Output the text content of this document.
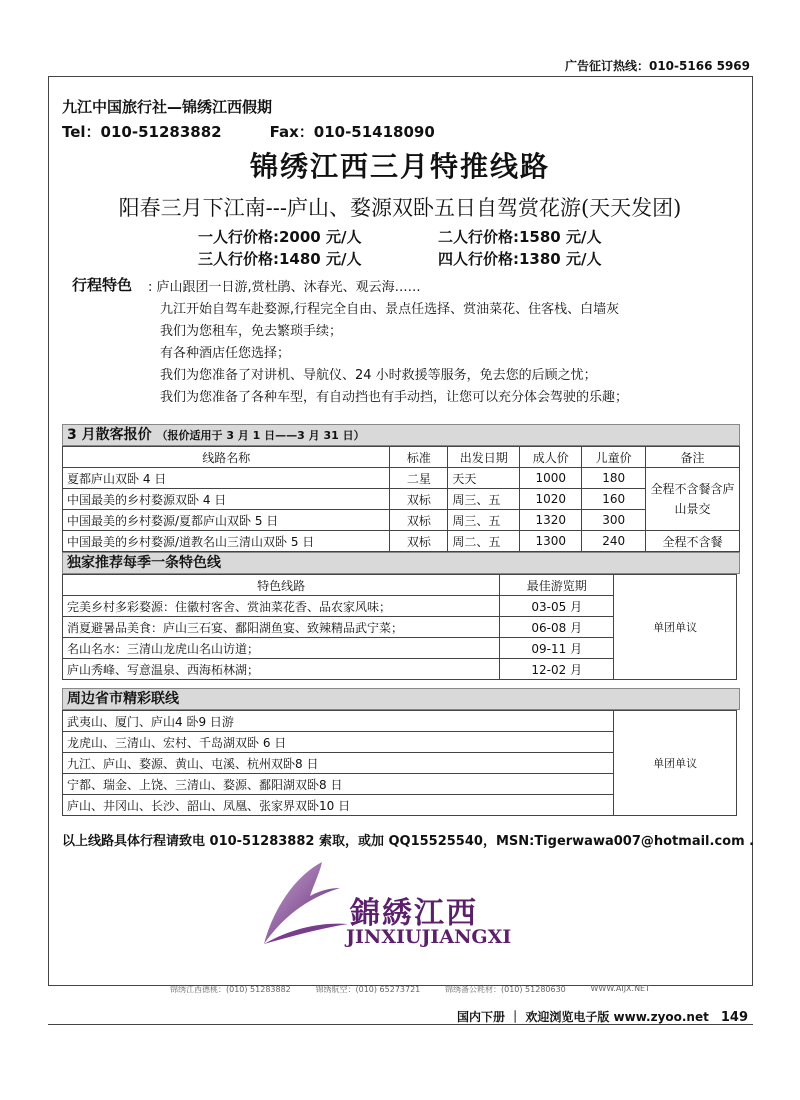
广告征订热线：010-5166 5969
九江中国旅行社—锦绣江西假期
Tel：010-51283882	Fax：010-51418090
锦绣江西三月特推线路
阳春三月下江南---庐山、婺源双卧五日自驾赏花游(天天发团)
一人行价格:2000 元/人	二人行价格:1580 元/人
三人行价格:1480 元/人	四人行价格:1380 元/人
行程特色 : 庐山跟团一日游,赏杜鹃、沐春光、观云海……
九江开始自驾车赴婺源,行程完全自由、景点任选择、赏油菜花、住客栈、白墙灰
我们为您租车，免去繁琐手续；
有各种酒店任您选择；
我们为您准备了对讲机、导航仪、24 小时救援等服务，免去您的后顾之忧；
我们为您准备了各种车型，有自动挡也有手动挡，让您可以充分体会驾驶的乐趣；
3 月散客报价 （报价适用于 3 月 1 日——3 月 31 日）
线路名称	标准	出发日期	成人价	儿童价	备注
夏都庐山双卧 4 日	二星	天天	1000	180	全程不含餐含庐山景交
中国最美的乡村婺源双卧 4 日	双标	周三、五	1020	160	
中国最美的乡村婺源/夏都庐山双卧 5 日	双标	周三、五	1320	300	
中国最美的乡村婺源/道教名山三清山双卧 5 日	双标	周二、五	1300	240	全程不含餐
独家推荐每季一条特色线
特色线路	最佳游览期	单团单议
完美乡村多彩婺源：住徽村客舍、赏油菜花香、品农家风味；	03-05 月	
消夏避暑品美食：庐山三石宴、鄱阳湖鱼宴、致辣精品武宁菜；	06-08 月	
名山名水：三清山龙虎山名山访道；	09-11 月	
庐山秀峰、写意温泉、西海柘林湖；	12-02 月	
周边省市精彩联线
武夷山、厦门、庐山4 卧9 日游	单团单议
龙虎山、三清山、宏村、千岛湖双卧 6 日
九江、庐山、婺源、黄山、屯溪、杭州双卧8 日
宁都、瑞金、上饶、三清山、婺源、鄱阳湖双卧8 日
庐山、井冈山、长沙、韶山、凤凰、张家界双卧10 日
以上线路具体行程请致电 010-51283882 索取，或加 QQ15525540，MSN:Tigerwawa007@hotmail.com .
錦綉江西
JINXIUJIANGXI
锦绣江西德桃：(010) 51283882	锦绣航空：(010) 65273721	锦绣备公耗材：(010) 51280630	WWW.AIJX.NET
国内下册 ｜ 欢迎浏览电子版 www.zyoo.net 149
